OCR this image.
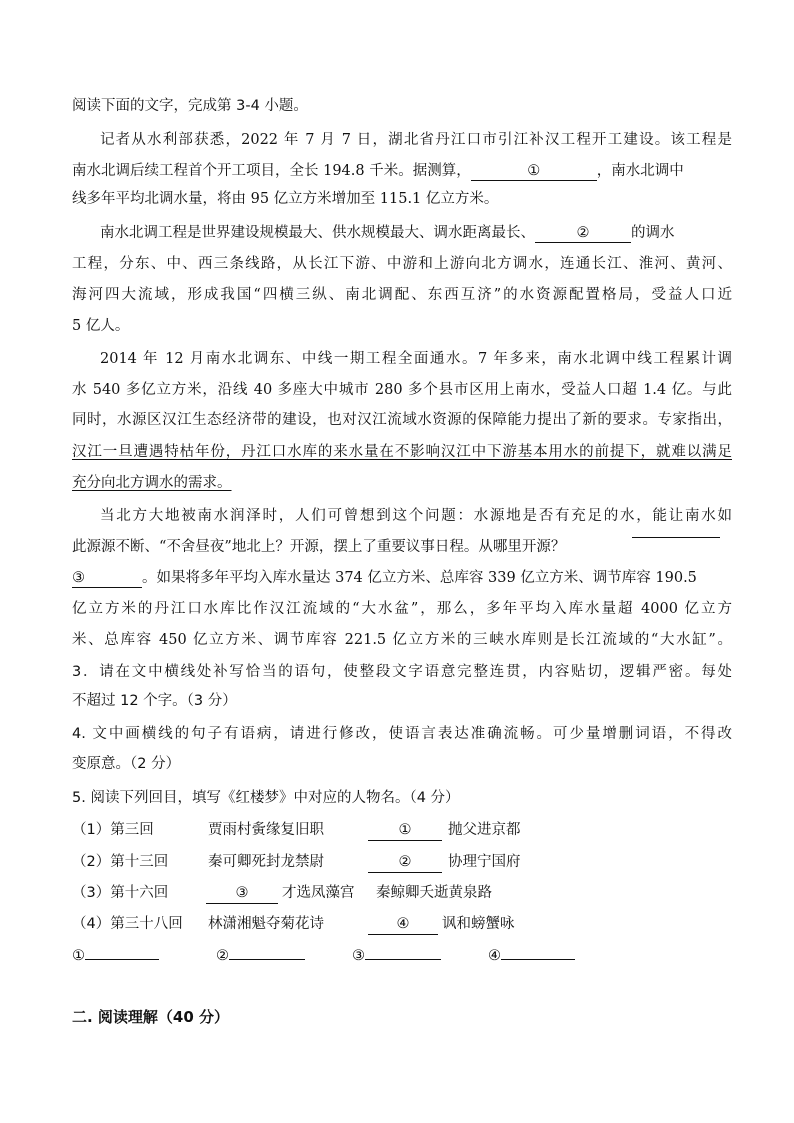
阅读下面的文字，完成第 3-4 小题。
记者从水利部获悉，2022 年 7 月 7 日，湖北省丹江口市引江补汉工程开工建设。该工程是
南水北调后续工程首个开工项目，全长 194.8 千米。据测算，	①	，南水北调中
线多年平均北调水量，将由 95 亿立方米增加至 115.1 亿立方米。
南水北调工程是世界建设规模最大、供水规模最大、调水距离最长、	②	的调水
工程，分东、中、西三条线路，从长江下游、中游和上游向北方调水，连通长江、淮河、黄河、
海河四大流域，形成我国“四横三纵、南北调配、东西互济”的水资源配置格局，受益人口近
5 亿人。
2014 年 12 月南水北调东、中线一期工程全面通水。7 年多来，南水北调中线工程累计调
水 540 多亿立方米，沿线 40 多座大中城市 280 多个县市区用上南水，受益人口超 1.4 亿。与此
同时，水源区汉江生态经济带的建设，也对汉江流域水资源的保障能力提出了新的要求。专家指出，
汉江一旦遭遇特枯年份，丹江口水库的来水量在不影响汉江中下游基本用水的前提下，就难以满足
充分向北方调水的需求。
当北方大地被南水润泽时，人们可曾想到这个问题：水源地是否有充足的水，能让南水如
此源源不断、“不舍昼夜”地北上？开源，摆上了重要议事日程。从哪里开源？
③	。如果将多年平均入库水量达 374 亿立方米、总库容 339 亿立方米、调节库容 190.5
亿立方米的丹江口水库比作汉江流域的“大水盆”，那么，多年平均入库水量超 4000 亿立方
米、总库容 450 亿立方米、调节库容 221.5 亿立方米的三峡水库则是长江流域的“大水缸”。
3．请在文中横线处补写恰当的语句，使整段文字语意完整连贯，内容贴切，逻辑严密。每处
不超过 12 个字。（3 分）
4. 文中画横线的句子有语病，请进行修改，使语言表达准确流畅。可少量增删词语，不得改
变原意。（2 分）
5. 阅读下列回目，填写《红楼梦》中对应的人物名。（4 分）
（1）第三回	贾雨村夤缘复旧职	①	抛父进京都
（2）第十三回	秦可卿死封龙禁尉	②	协理宁国府
（3）第十六回	③	才选凤藻宫 秦鲸卿夭逝黄泉路
（4）第三十八回 林潇湘魁夺菊花诗	④	讽和螃蟹咏
①	②	③	④
二. 阅读理解（40 分）
